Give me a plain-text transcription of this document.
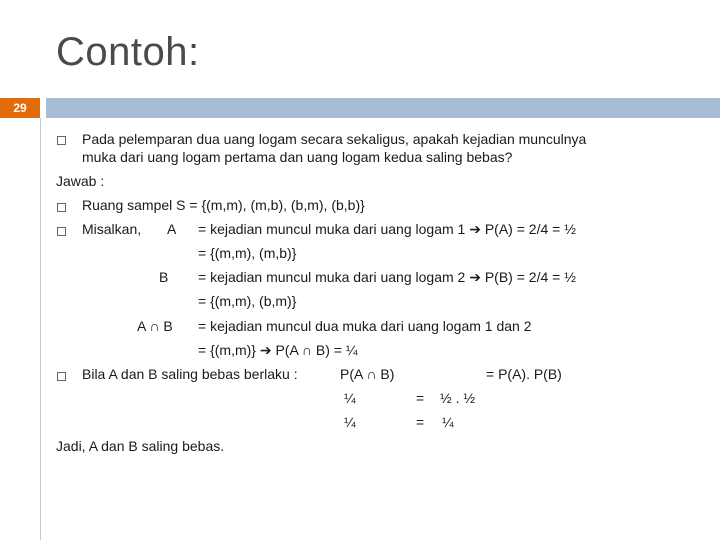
Contoh:
29
Pada pelemparan dua uang logam secara sekaligus, apakah kejadian munculnya
muka dari uang logam pertama dan uang logam kedua saling bebas?
Jawab :
Ruang sampel S = {(m,m), (m,b), (b,m), (b,b)}
Misalkan, A = kejadian muncul muka dari uang logam 1 ➔ P(A) = 2/4 = ½
= {(m,m), (m,b)}
B = kejadian muncul muka dari uang logam 2 ➔ P(B) = 2/4 = ½
= {(m,m), (b,m)}
A ∩ B = kejadian muncul dua muka dari uang logam 1 dan 2
= {(m,m)} ➔ P(A ∩ B) = ¼
Bila A dan B saling bebas berlaku :	P(A ∩ B)	= P(A). P(B)
¼	= ½ . ½
¼	= ¼
Jadi, A dan B saling bebas.
